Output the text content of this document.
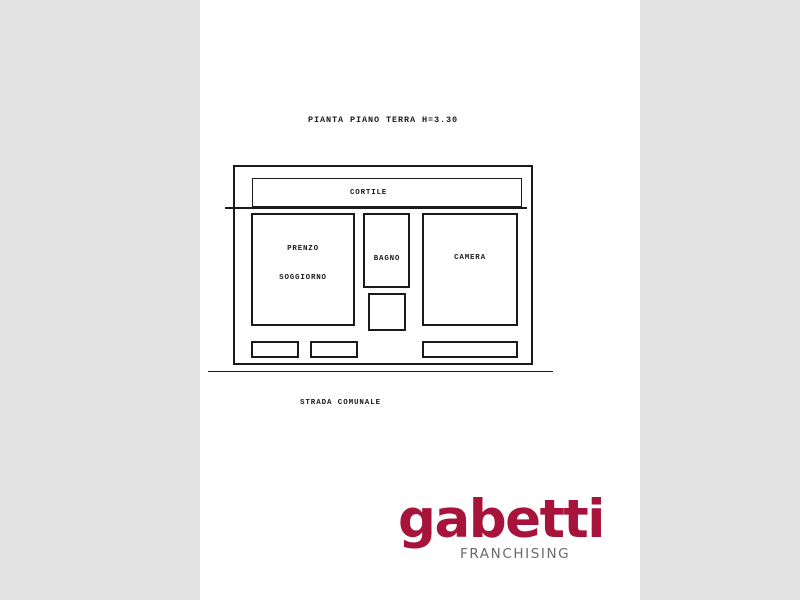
PIANTA PIANO TERRA H=3.30
CORTILE
PRENZO
SOGGIORNO
BAGNO	CAMERA
STRADA COMUNALE
gabetti
FRANCHISING
